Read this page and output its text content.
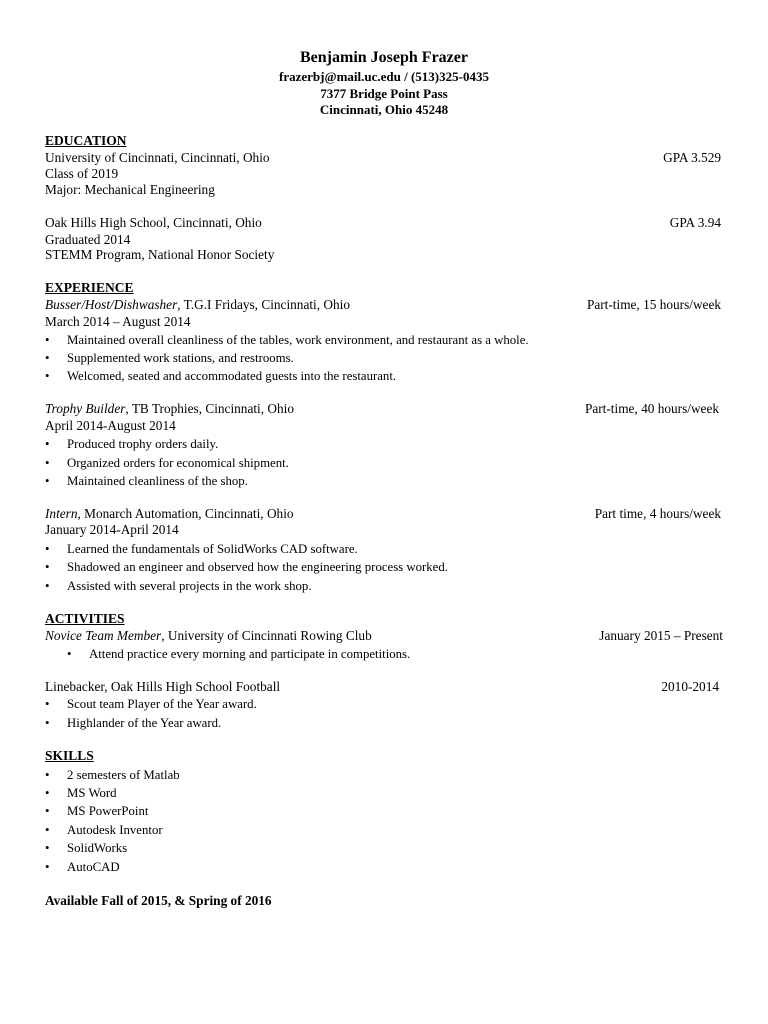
Benjamin Joseph Frazer
frazerbj@mail.uc.edu / (513)325-0435
7377 Bridge Point Pass
Cincinnati, Ohio 45248
EDUCATION
University of Cincinnati, Cincinnati, Ohio	GPA 3.529
Class of 2019
Major: Mechanical Engineering
Oak Hills High School, Cincinnati, Ohio	GPA 3.94
Graduated 2014
STEMM Program, National Honor Society
EXPERIENCE
Busser/Host/Dishwasher, T.G.I Fridays, Cincinnati, Ohio	Part-time, 15 hours/week
March 2014 – August 2014
• Maintained overall cleanliness of the tables, work environment, and restaurant as a whole.
• Supplemented work stations, and restrooms.
• Welcomed, seated and accommodated guests into the restaurant.
Trophy Builder, TB Trophies, Cincinnati, Ohio	Part-time, 40 hours/week
April 2014-August 2014
• Produced trophy orders daily.
• Organized orders for economical shipment.
• Maintained cleanliness of the shop.
Intern, Monarch Automation, Cincinnati, Ohio	Part time, 4 hours/week
January 2014-April 2014
• Learned the fundamentals of SolidWorks CAD software.
• Shadowed an engineer and observed how the engineering process worked.
• Assisted with several projects in the work shop.
ACTIVITIES
Novice Team Member, University of Cincinnati Rowing Club	January 2015 – Present
• Attend practice every morning and participate in competitions.
Linebacker, Oak Hills High School Football	2010-2014
• Scout team Player of the Year award.
• Highlander of the Year award.
SKILLS
• 2 semesters of Matlab
• MS Word
• MS PowerPoint
• Autodesk Inventor
• SolidWorks
• AutoCAD
Available Fall of 2015, & Spring of 2016
